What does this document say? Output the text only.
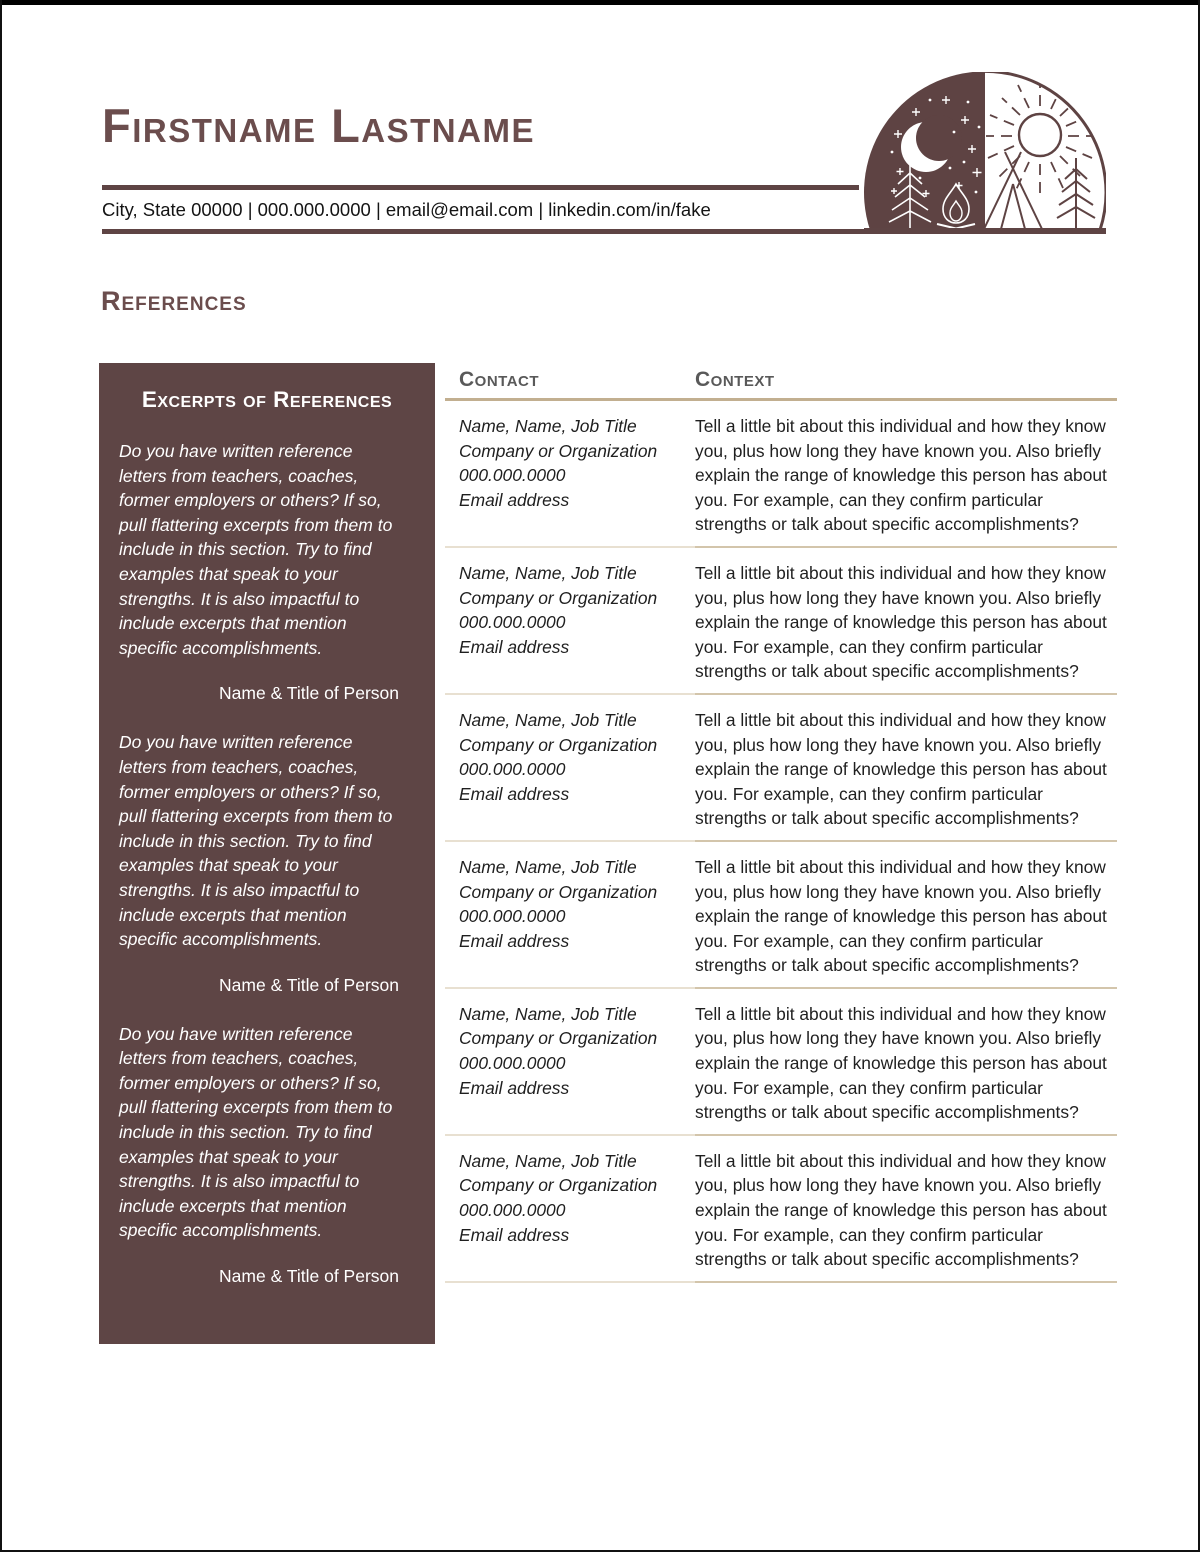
Firstname Lastname
City, State 00000 | 000.000.0000 | email@email.com | linkedin.com/in/fake
References
Excerpts of References

Do you have written reference letters from teachers, coaches, former employers or others? If so, pull flattering excerpts from them to include in this section. Try to find examples that speak to your strengths. It is also impactful to include excerpts that mention specific accomplishments.

Name & Title of Person

Do you have written reference letters from teachers, coaches, former employers or others? If so, pull flattering excerpts from them to include in this section. Try to find examples that speak to your strengths. It is also impactful to include excerpts that mention specific accomplishments.

Name & Title of Person

Do you have written reference letters from teachers, coaches, former employers or others? If so, pull flattering excerpts from them to include in this section. Try to find examples that speak to your strengths. It is also impactful to include excerpts that mention specific accomplishments.

Name & Title of Person
Contact	Context
Name, Name, Job Title
Company or Organization
000.000.0000
Email address
Tell a little bit about this individual and how they know you, plus how long they have known you. Also briefly explain the range of knowledge this person has about you. For example, can they confirm particular strengths or talk about specific accomplishments?
Name, Name, Job Title
Company or Organization
000.000.0000
Email address
Tell a little bit about this individual and how they know you, plus how long they have known you. Also briefly explain the range of knowledge this person has about you. For example, can they confirm particular strengths or talk about specific accomplishments?
Name, Name, Job Title
Company or Organization
000.000.0000
Email address
Tell a little bit about this individual and how they know you, plus how long they have known you. Also briefly explain the range of knowledge this person has about you. For example, can they confirm particular strengths or talk about specific accomplishments?
Name, Name, Job Title
Company or Organization
000.000.0000
Email address
Tell a little bit about this individual and how they know you, plus how long they have known you. Also briefly explain the range of knowledge this person has about you. For example, can they confirm particular strengths or talk about specific accomplishments?
Name, Name, Job Title
Company or Organization
000.000.0000
Email address
Tell a little bit about this individual and how they know you, plus how long they have known you. Also briefly explain the range of knowledge this person has about you. For example, can they confirm particular strengths or talk about specific accomplishments?
Name, Name, Job Title
Company or Organization
000.000.0000
Email address
Tell a little bit about this individual and how they know you, plus how long they have known you. Also briefly explain the range of knowledge this person has about you. For example, can they confirm particular strengths or talk about specific accomplishments?
